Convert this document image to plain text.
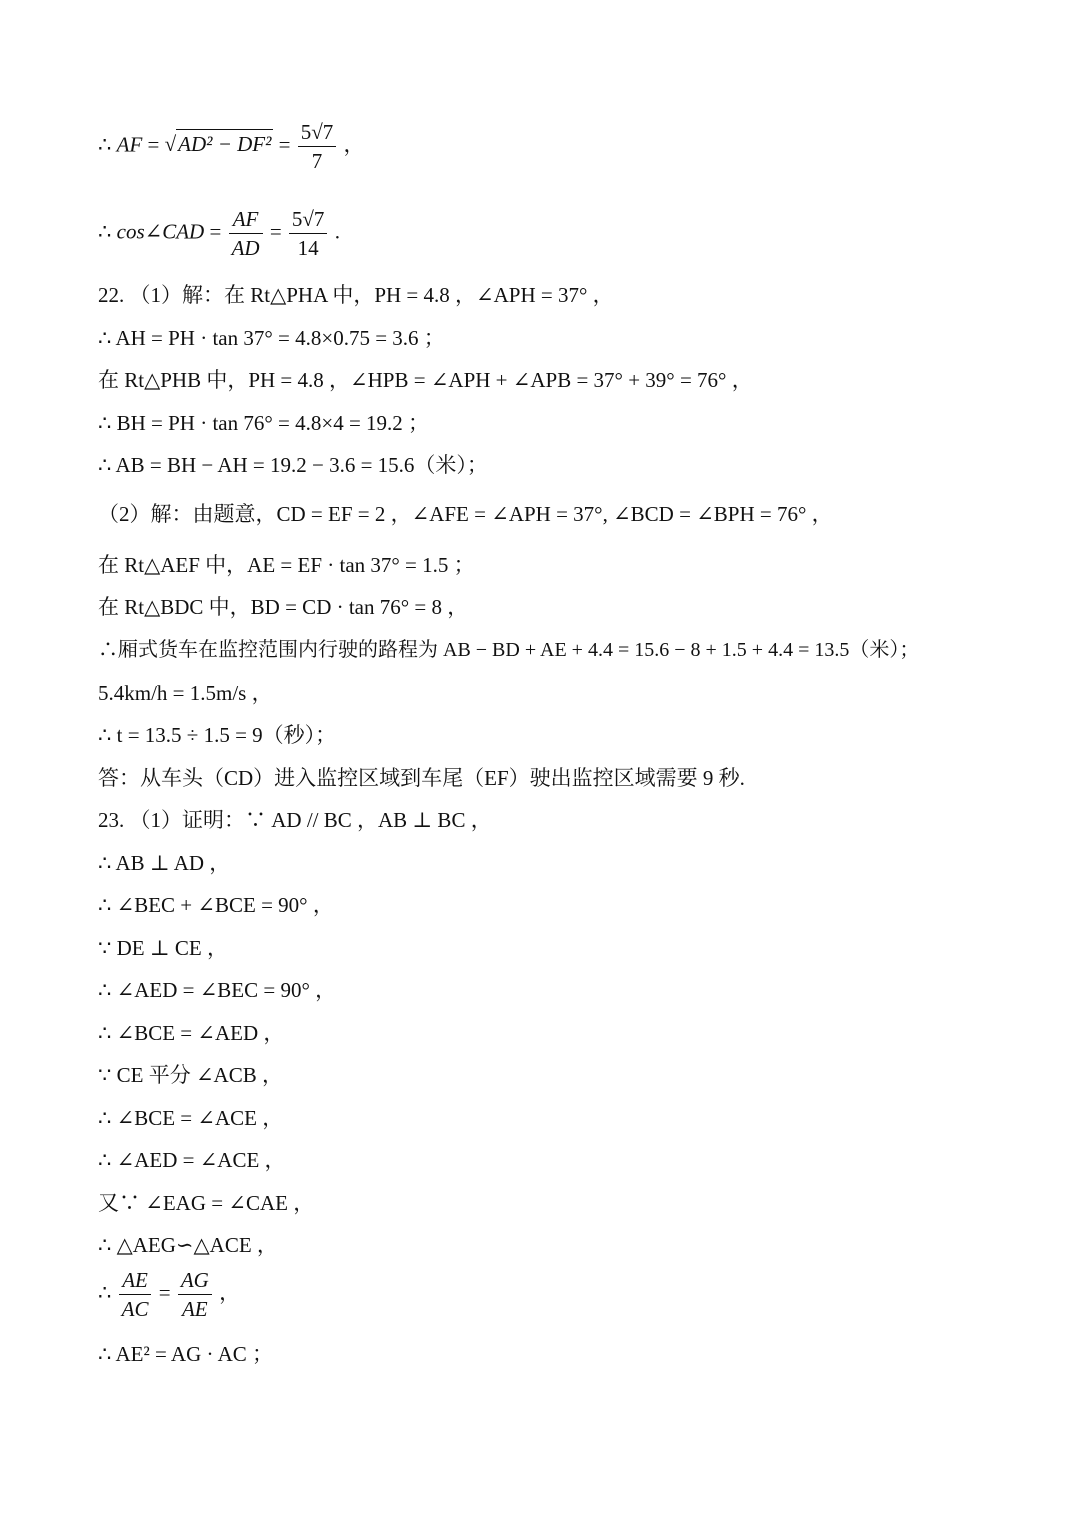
∴ AF = $√AD^2 - DF^2 = \frac{5√7}{7}$ ，
∴ cos∠CAD = $\frac{AF}{AD} = \frac{5√7}{14}$ .
22. （1）解：在 Rt△PHA 中，PH = 4.8 ，∠APH = 37° ，
∴ AH = PH · tan 37° = 4.8×0.75 = 3.6 ；
在 Rt△PHB 中，PH = 4.8 ，∠HPB = ∠APH + ∠APB = 37° + 39° = 76° ，
∴ BH = PH · tan 76° = 4.8×4 = 19.2 ；
∴ AB = BH − AH = 19.2 − 3.6 = 15.6（米）；
（2）解：由题意，CD = EF = 2 ，∠AFE = ∠APH = 37°, ∠BCD = ∠BPH = 76° ，
在 Rt△AEF 中，AE = EF · tan 37° = 1.5 ；
在 Rt△BDC 中，BD = CD · tan 76° = 8 ，
∴厢式货车在监控范围内行驶的路程为 AB − BD + AE + 4.4 = 15.6 − 8 + 1.5 + 4.4 = 13.5（米）；
5.4km/h = 1.5m/s ，
∴ t = 13.5 ÷ 1.5 = 9（秒）；
答：从车头（CD）进入监控区域到车尾（EF）驶出监控区域需要 9 秒.
23. （1）证明：∵ AD // BC ，AB ⊥ BC ，
∴ AB ⊥ AD ，
∴ ∠BEC + ∠BCE = 90° ，
∵ DE ⊥ CE ，
∴ ∠AED = ∠BEC = 90° ，
∴ ∠BCE = ∠AED ，
∵ CE 平分 ∠ACB ，
∴ ∠BCE = ∠ACE ，
∴ ∠AED = ∠ACE ，
又∵ ∠EAG = ∠CAE ，
∴ △AEG∽△ACE ，
∴ $\frac{AE}{AC} = \frac{AG}{AE}$ ，
∴ AE² = AG · AC ；
